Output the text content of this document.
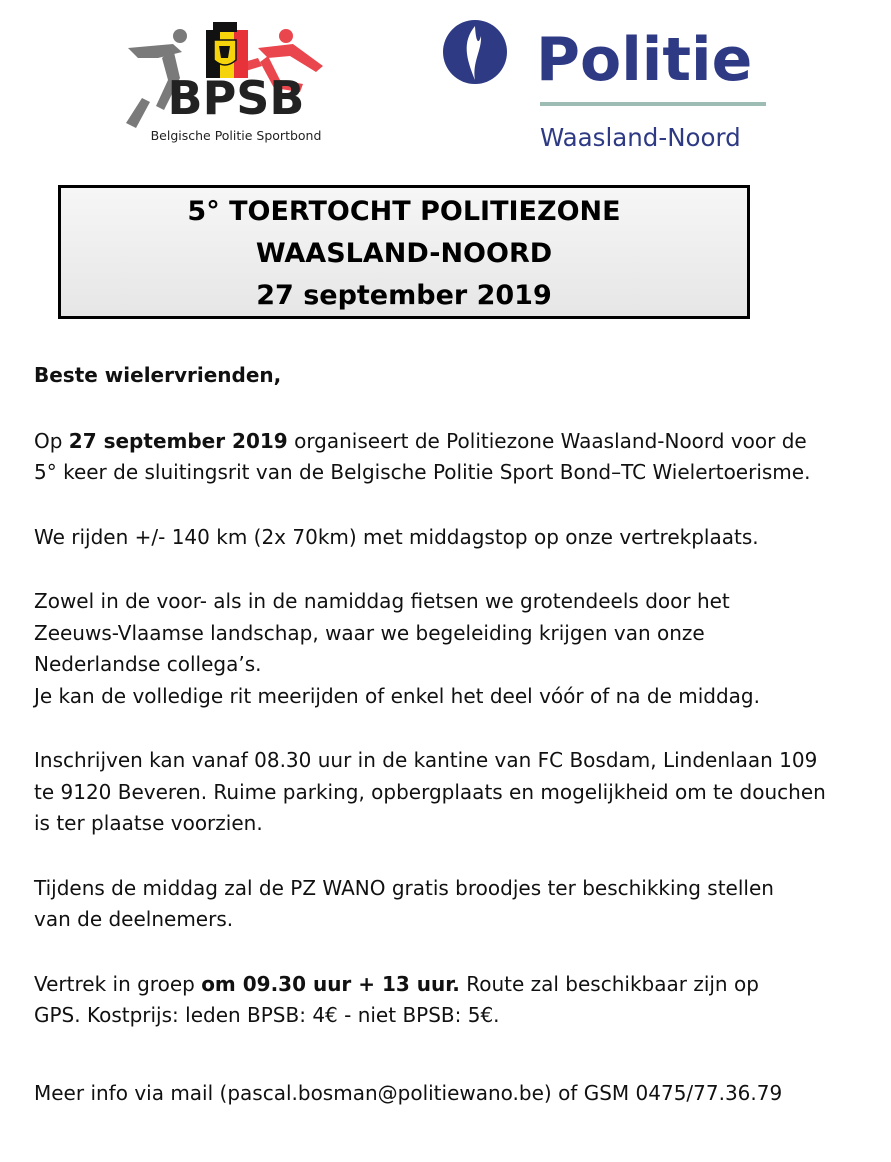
BPSB
Belgische Politie Sportbond
Politie
Waasland-Noord
5° TOERTOCHT POLITIEZONE
WAASLAND-NOORD
27 september 2019

Beste wielervrienden,

Op 27 september 2019 organiseert de Politiezone Waasland-Noord voor de
5° keer de sluitingsrit van de Belgische Politie Sport Bond–TC Wielertoerisme.

We rijden +/- 140 km (2x 70km) met middagstop op onze vertrekplaats.

Zowel in de voor- als in de namiddag fietsen we grotendeels door het
Zeeuws-Vlaamse landschap, waar we begeleiding krijgen van onze
Nederlandse collega’s.
Je kan de volledige rit meerijden of enkel het deel vóór of na de middag.

Inschrijven kan vanaf 08.30 uur in de kantine van FC Bosdam, Lindenlaan 109
te 9120 Beveren. Ruime parking, opbergplaats en mogelijkheid om te douchen
is ter plaatse voorzien.

Tijdens de middag zal de PZ WANO gratis broodjes ter beschikking stellen
van de deelnemers.

Vertrek in groep om 09.30 uur + 13 uur. Route zal beschikbaar zijn op
GPS. Kostprijs: leden BPSB: 4€ - niet BPSB: 5€.

Meer info via mail (pascal.bosman@politiewano.be) of GSM 0475/77.36.79
